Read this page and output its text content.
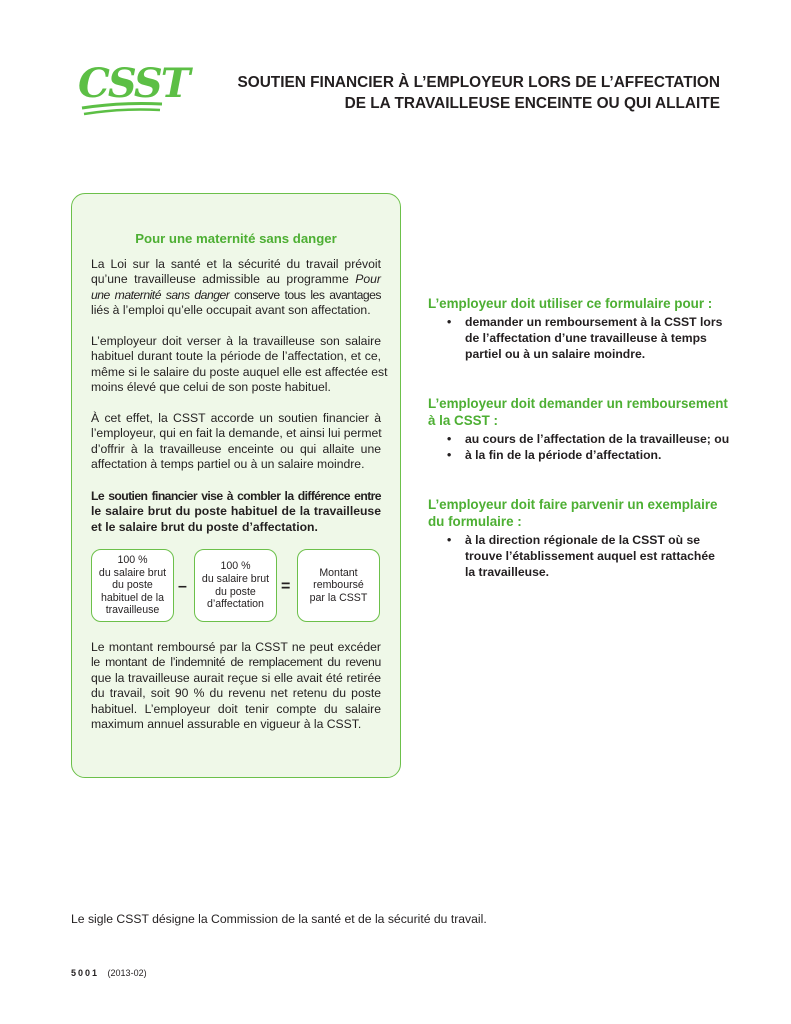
CSST	SOUTIEN FINANCIER À L’EMPLOYEUR LORS DE L’AFFECTATION
DE LA TRAVAILLEUSE ENCEINTE OU QUI ALLAITE
Pour une maternité sans danger

La Loi sur la santé et la sécurité du travail prévoit
qu’une travailleuse admissible au programme Pour
une maternité sans danger conserve tous les avantages
liés à l’emploi qu’elle occupait avant son affectation.

L’employeur doit verser à la travailleuse son salaire
habituel durant toute la période de l’affectation, et ce,
même si le salaire du poste auquel elle est affectée est
moins élevé que celui de son poste habituel.

À cet effet, la CSST accorde un soutien financier à
l’employeur, qui en fait la demande, et ainsi lui permet
d’offrir à la travailleuse enceinte ou qui allaite une
affectation à temps partiel ou à un salaire moindre.

Le soutien financier vise à combler la différence entre
le salaire brut du poste habituel de la travailleuse
et le salaire brut du poste d’affectation.

100 %
du salaire brut
du poste
habituel de la
travailleuse
–
100 %
du salaire brut
du poste
d’affectation
=
Montant
remboursé
par la CSST

Le montant remboursé par la CSST ne peut excéder
le montant de l’indemnité de remplacement du revenu
que la travailleuse aurait reçue si elle avait été retirée
du travail, soit 90 % du revenu net retenu du poste
habituel. L’employeur doit tenir compte du salaire
maximum annuel assurable en vigueur à la CSST.

L’employeur doit utiliser ce formulaire pour :
• demander un remboursement à la CSST lors
de l’affectation d’une travailleuse à temps
partiel ou à un salaire moindre.
L’employeur doit demander un remboursement
à la CSST :
• au cours de l’affectation de la travailleuse; ou
• à la fin de la période d’affectation.
L’employeur doit faire parvenir un exemplaire
du formulaire :
• à la direction régionale de la CSST où se
trouve l’établissement auquel est rattachée
la travailleuse.

Le sigle CSST désigne la Commission de la santé et de la sécurité du travail.

5001 (2013-02)
